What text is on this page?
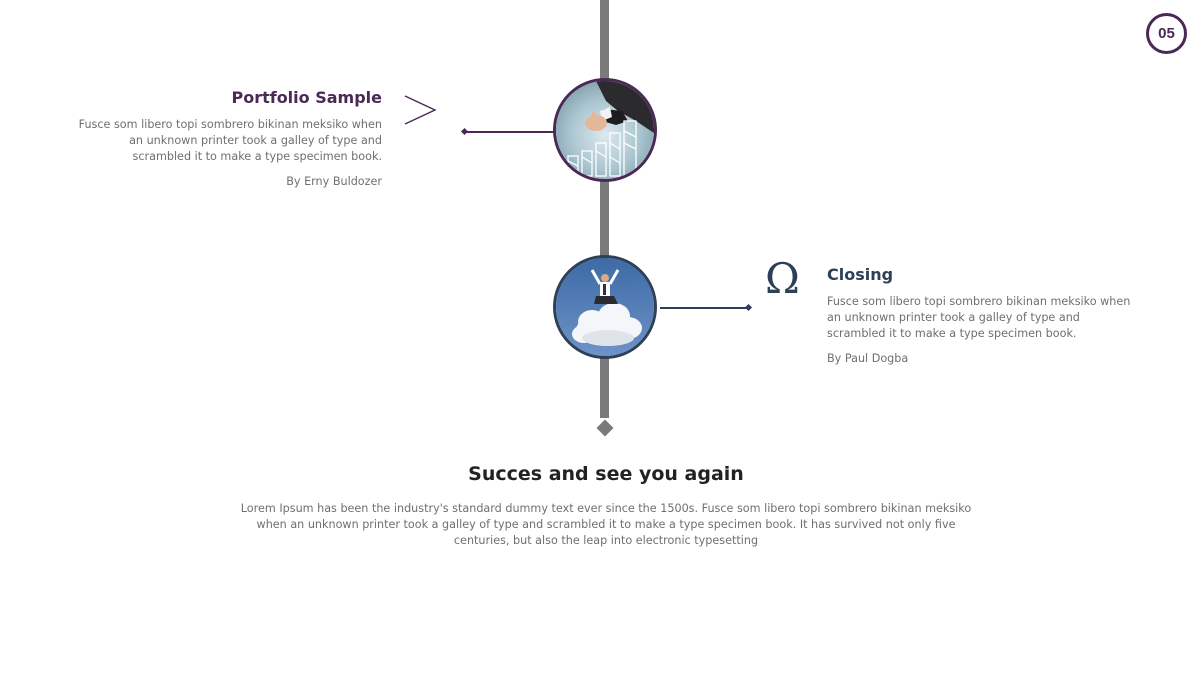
05
Ω
Portfolio Sample

Fusce som libero topi sombrero bikinan meksiko when an unknown printer took a galley of type and scrambled it to make a type specimen book.

By Erny Buldozer

Closing

Fusce som libero topi sombrero bikinan meksiko when an unknown printer took a galley of type and scrambled it to make a type specimen book.

By Paul Dogba

Succes and see you again

Lorem Ipsum has been the industry's standard dummy text ever since the 1500s. Fusce som libero topi sombrero bikinan meksiko when an unknown printer took a galley of type and scrambled it to make a type specimen book. It has survived not only five centuries, but also the leap into electronic typesetting
